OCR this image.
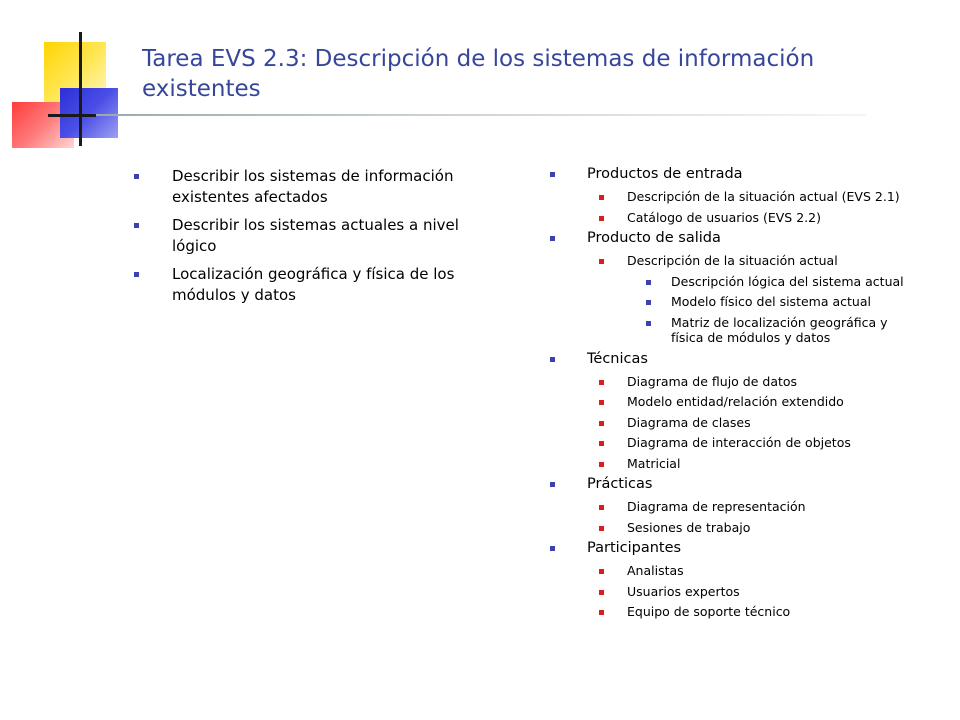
Tarea EVS 2.3: Descripción de los sistemas de información existentes
Describir los sistemas de información existentes afectados
Describir los sistemas actuales a nivel lógico
Localización geográfica y física de los módulos y datos
Productos de entrada
Descripción de la situación actual (EVS 2.1)
Catálogo de usuarios (EVS 2.2)
Producto de salida
Descripción de la situación actual
Descripción lógica del sistema actual
Modelo físico del sistema actual
Matriz de localización geográfica y física de módulos y datos
Técnicas
Diagrama de flujo de datos
Modelo entidad/relación extendido
Diagrama de clases
Diagrama de interacción de objetos
Matricial
Prácticas
Diagrama de representación
Sesiones de trabajo
Participantes
Analistas
Usuarios expertos
Equipo de soporte técnico
